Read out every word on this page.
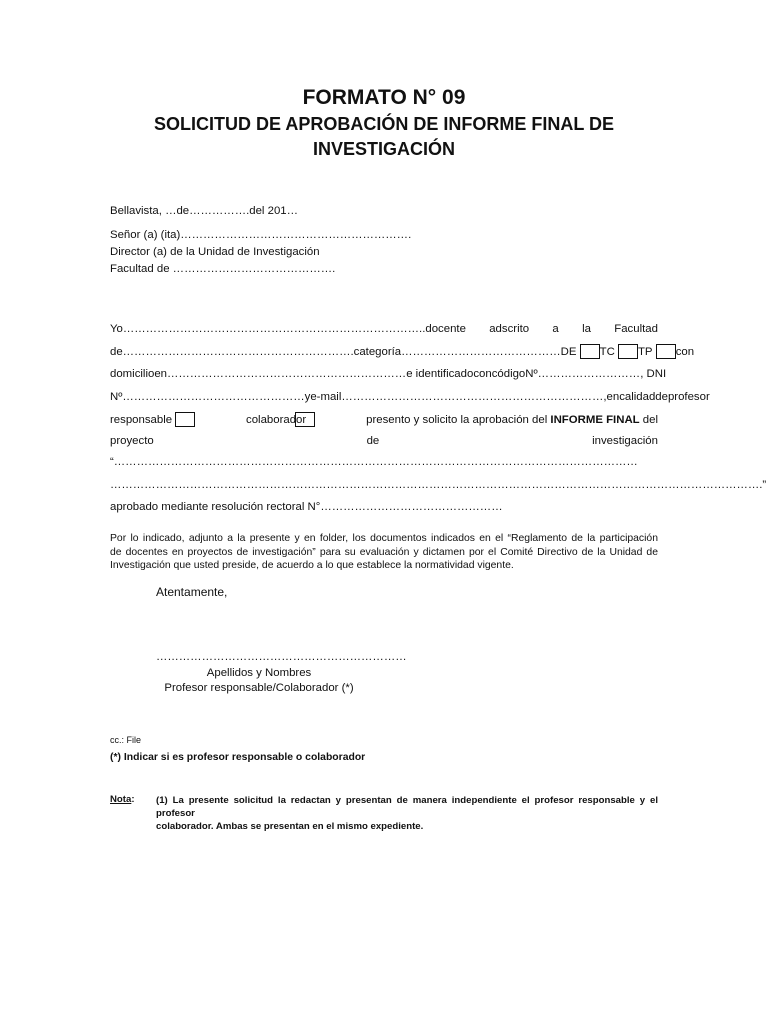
FORMATO N° 09
SOLICITUD DE APROBACIÓN DE INFORME FINAL DE
INVESTIGACIÓN
Bellavista, …de…………….del 201…
Señor (a) (ita)…………………………………………………….
Director (a) de la Unidad de Investigación
Facultad de …………………………………….
Yo……………………………………………………………………..docente adscrito a la Facultad
de…………………………………………………….categoría……………………………………DE	TC	TP	con
domicilio en ………………………………………………………e identificado con código Nº ………………………, DNI
Nº…………………………………………y e-mail……………………………………………………………, en calidad de profesor
responsable	colaborador	presento y solicito la aprobación del INFORME FINAL del
proyecto	de	investigación
“…………………………………………………………………………………………………………………………
……………………………………………………………………………………………………………………………………………………….”
aprobado mediante resolución rectoral N°…………………………………………
Por lo indicado, adjunto a la presente y en folder, los documentos indicados en el “Reglamento de la participación
de docentes en proyectos de investigación” para su evaluación y dictamen por el Comité Directivo de la Unidad de
Investigación que usted preside, de acuerdo a lo que establece la normatividad vigente.
Atentamente,
…………………………………………………………
Apellidos y Nombres
Profesor responsable/Colaborador (*)
cc.: File
(*) Indicar si es profesor responsable o colaborador
Nota: (1) La presente solicitud la redactan y presentan de manera independiente el profesor responsable y el profesor
colaborador. Ambas se presentan en el mismo expediente.
